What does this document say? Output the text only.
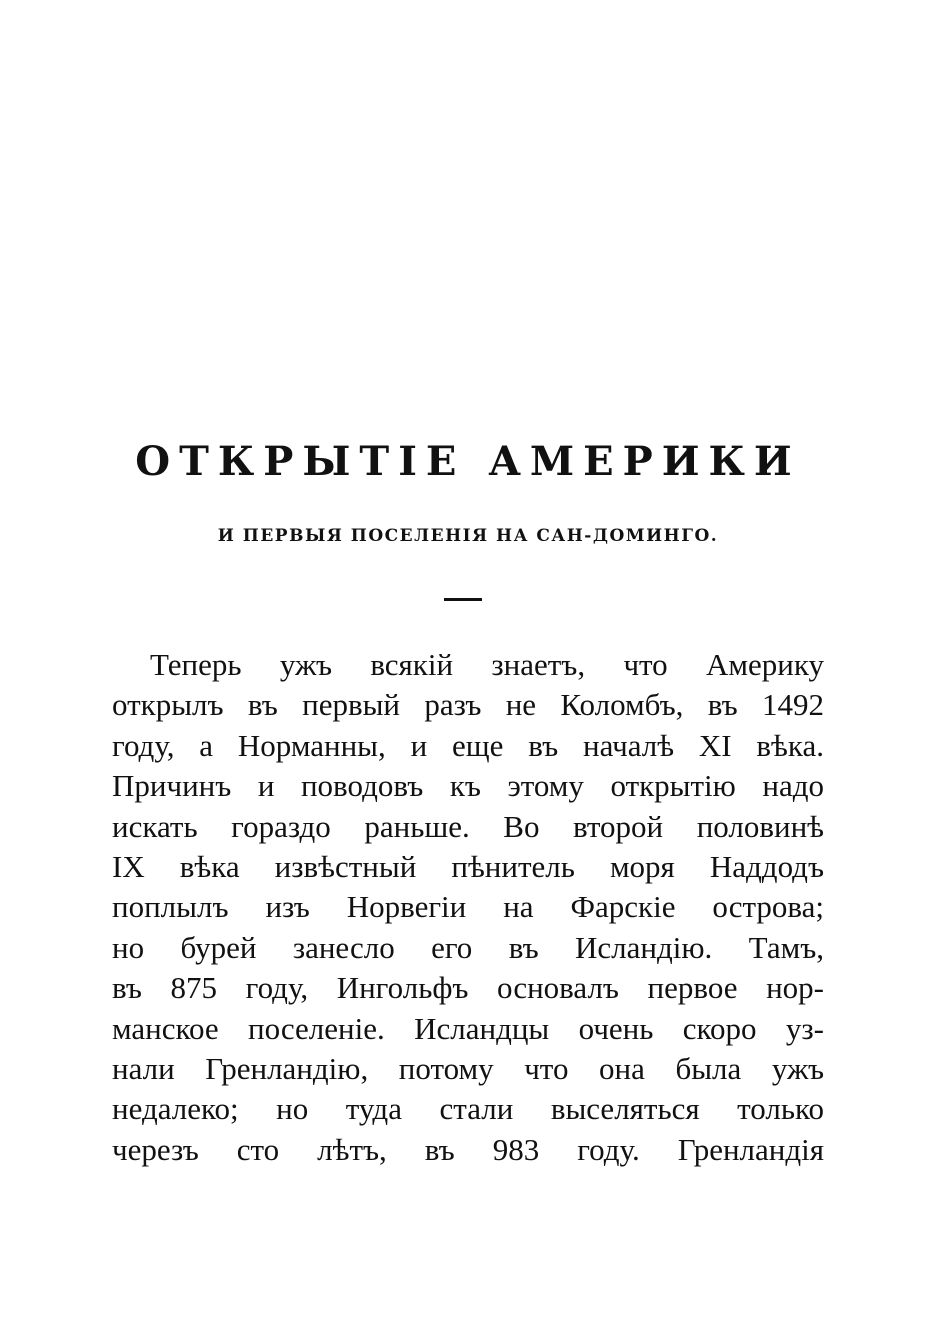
ОТКРЫТІЕ АМЕРИКИ
И ПЕРВЫЯ ПОСЕЛЕНІЯ НА САН-ДОМИНГО.
Теперь ужъ всякій знаетъ, что Америку
открылъ въ первый разъ не Коломбъ, въ 1492
году, а Норманны, и еще въ началѣ XI вѣка.
Причинъ и поводовъ къ этому открытію надо
искать гораздо раньше. Во второй половинѣ
IX вѣка извѣстный пѣнитель моря Наддодъ
поплылъ изъ Норвегіи на Фарскіе острова;
но бурей занесло его въ Исландію. Тамъ,
въ 875 году, Ингольфъ основалъ первое нор-
манское поселеніе. Исландцы очень скоро уз-
нали Гренландію, потому что она была ужъ
недалеко; но туда стали выселяться только
черезъ сто лѣтъ, въ 983 году. Гренландія
